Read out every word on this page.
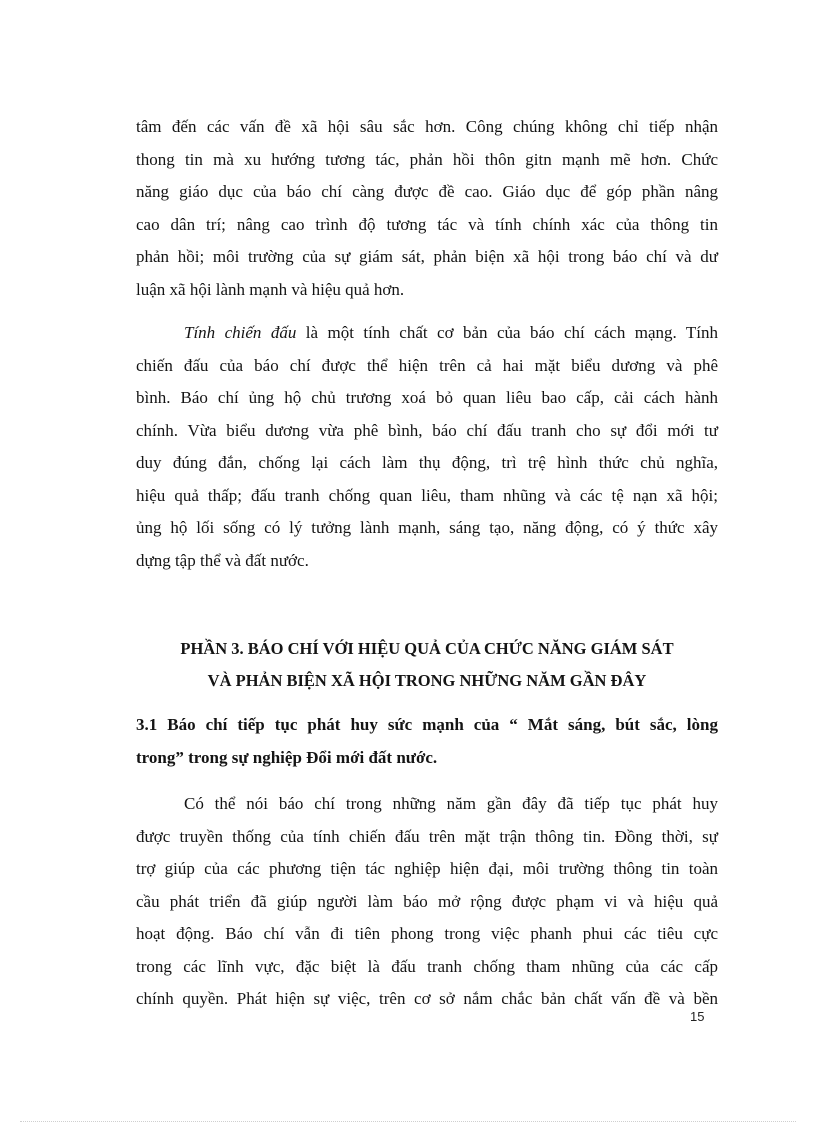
tâm đến các vấn đề xã hội sâu sắc hơn. Công chúng không chỉ tiếp nhận
thong tin mà xu hướng tương tác, phản hồi thôn gitn mạnh mẽ hơn. Chức
năng giáo dục của báo chí càng được đề cao. Giáo dục để góp phần nâng
cao dân trí; nâng cao trình độ tương tác và tính chính xác của thông tin
phản hồi; môi trường của sự giám sát, phản biện xã hội trong báo chí và dư
luận xã hội lành mạnh và hiệu quả hơn.
Tính chiến đấu là một tính chất cơ bản của báo chí cách mạng. Tính
chiến đấu của báo chí được thể hiện trên cả hai mặt biểu dương và phê
bình. Báo chí ủng hộ chủ trương xoá bỏ quan liêu bao cấp, cải cách hành
chính. Vừa biểu dương vừa phê bình, báo chí đấu tranh cho sự đổi mới tư
duy đúng đắn, chống lại cách làm thụ động, trì trệ hình thức chủ nghĩa,
hiệu quả thấp; đấu tranh chống quan liêu, tham nhũng và các tệ nạn xã hội;
ủng hộ lối sống có lý tưởng lành mạnh, sáng tạo, năng động, có ý thức xây
dựng tập thể và đất nước.
PHẦN 3. BÁO CHÍ VỚI HIỆU QUẢ CỦA CHỨC NĂNG GIÁM SÁT
VÀ PHẢN BIỆN XÃ HỘI TRONG NHỮNG NĂM GẦN ĐÂY
3.1 Báo chí tiếp tục phát huy sức mạnh của “ Mắt sáng, bút sắc, lòng
trong” trong sự nghiệp Đổi mới đất nước.
Có thể nói báo chí trong những năm gần đây đã tiếp tục phát huy
được truyền thống của tính chiến đấu trên mặt trận thông tin. Đồng thời, sự
trợ giúp của các phương tiện tác nghiệp hiện đại, môi trường thông tin toàn
cầu phát triển đã giúp người làm báo mở rộng được phạm vi và hiệu quả
hoạt động. Báo chí vẫn đi tiên phong trong việc phanh phui các tiêu cực
trong các lĩnh vực, đặc biệt là đấu tranh chống tham nhũng của các cấp
chính quyền. Phát hiện sự việc, trên cơ sở nắm chắc bản chất vấn đề và bền
15
